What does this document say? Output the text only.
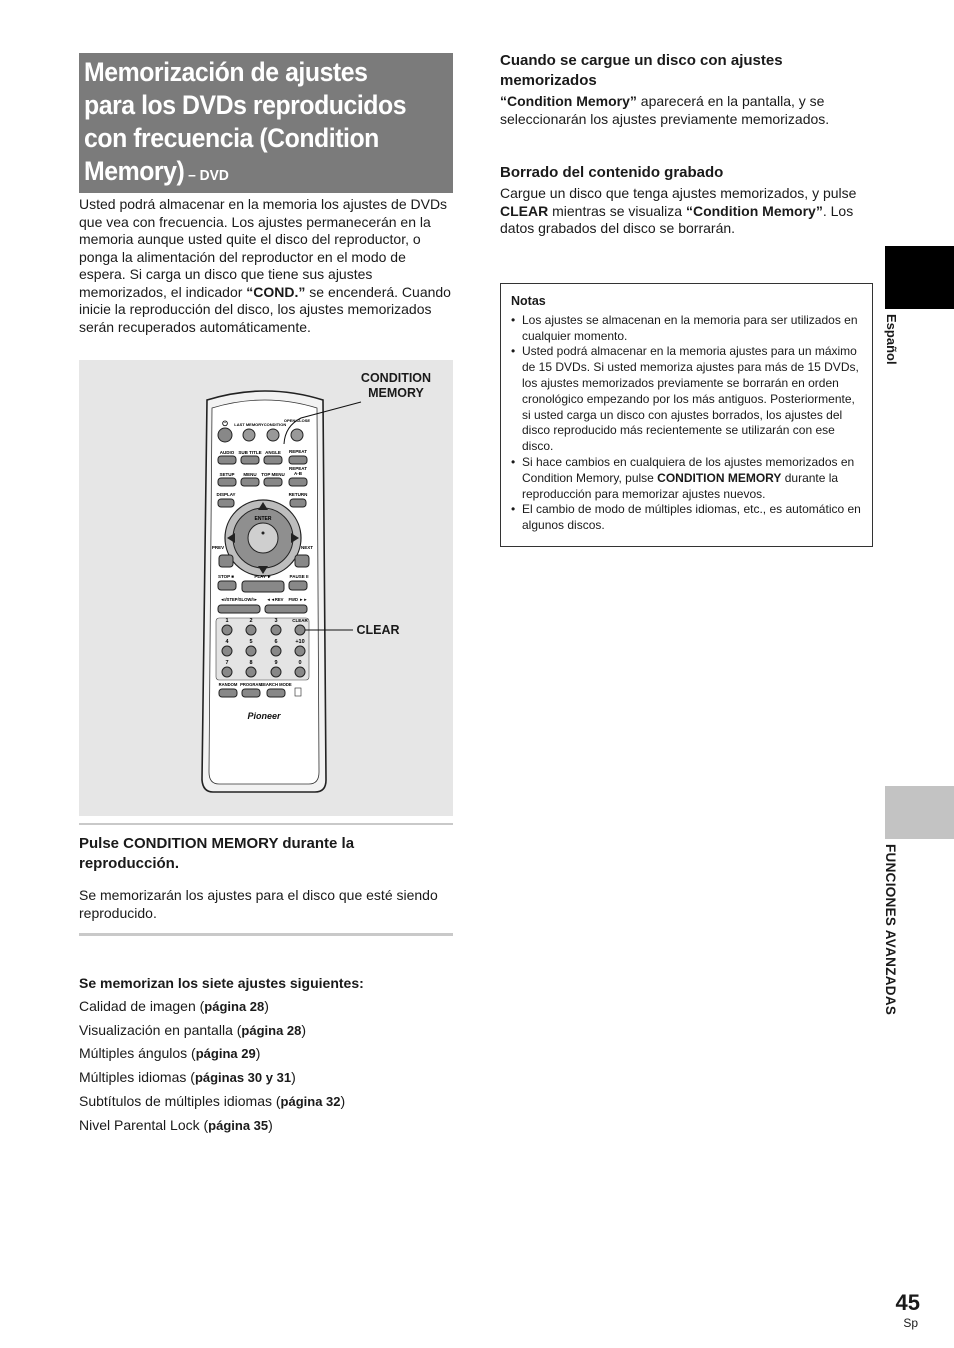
Memorización de ajustes para los DVDs reproducidos con frecuencia (Condition Memory) – DVD

Usted podrá almacenar en la memoria los ajustes de DVDs que vea con frecuencia. Los ajustes permanecerán en la memoria aunque usted quite el disco del reproductor, o ponga la alimentación del reproductor en el modo de espera. Si carga un disco que tiene sus ajustes memorizados, el indicador “COND.” se encenderá. Cuando inicie la reproducción del disco, los ajustes memorizados serán recuperados automáticamente.

⏻ LAST MEMORY CONDITION
OPEN/CLOSE
AUDIO SUB TITLE ANGLE REPEAT
SETUP MENU TOP MENU
REPEAT
A-B
DISPLAY	RETURN
ENTER
PREV	NEXT
STOP ■	PLAY ►	PAUSE II
◄I/STEP/SLOW/I► ◄◄REV FWD ►►
1	2	3	CLEAR
4	5	6	+10
7	8	9	0
RANDOM PROGRAM
SEARCH MODE
Pioneer
CONDITION
MEMORY
CLEAR
Pulse CONDITION MEMORY durante la reproducción.

Se memorizarán los ajustes para el disco que esté siendo reproducido.

Se memorizan los siete ajustes siguientes:

Calidad de imagen (página 28)
Visualización en pantalla (página 28)
Múltiples ángulos (página 29)
Múltiples idiomas (páginas 30 y 31)
Subtítulos de múltiples idiomas (página 32)
Nivel Parental Lock (página 35)
Cuando se cargue un disco con ajustes memorizados

“Condition Memory” aparecerá en la pantalla, y se seleccionarán los ajustes previamente memorizados.

Borrado del contenido grabado

Cargue un disco que tenga ajustes memorizados, y pulse CLEAR mientras se visualiza “Condition Memory”. Los datos grabados del disco se borrarán.

Notas
• Los ajustes se almacenan en la memoria para ser utilizados en cualquier momento.
• Usted podrá almacenar en la memoria ajustes para un máximo de 15 DVDs. Si usted memoriza ajustes para más de 15 DVDs, los ajustes memorizados previamente se borrarán en orden cronológico empezando por los más antiguos. Posteriormente, si usted carga un disco con ajustes borrados, los ajustes del disco reproducido más recientemente se utilizarán con ese disco.
• Si hace cambios en cualquiera de los ajustes memorizados en Condition Memory, pulse CONDITION MEMORY durante la reproducción para memorizar ajustes nuevos.
• El cambio de modo de múltiples idiomas, etc., es automático en algunos discos.
Español
FUNCIONES AVANZADAS
45
Sp
